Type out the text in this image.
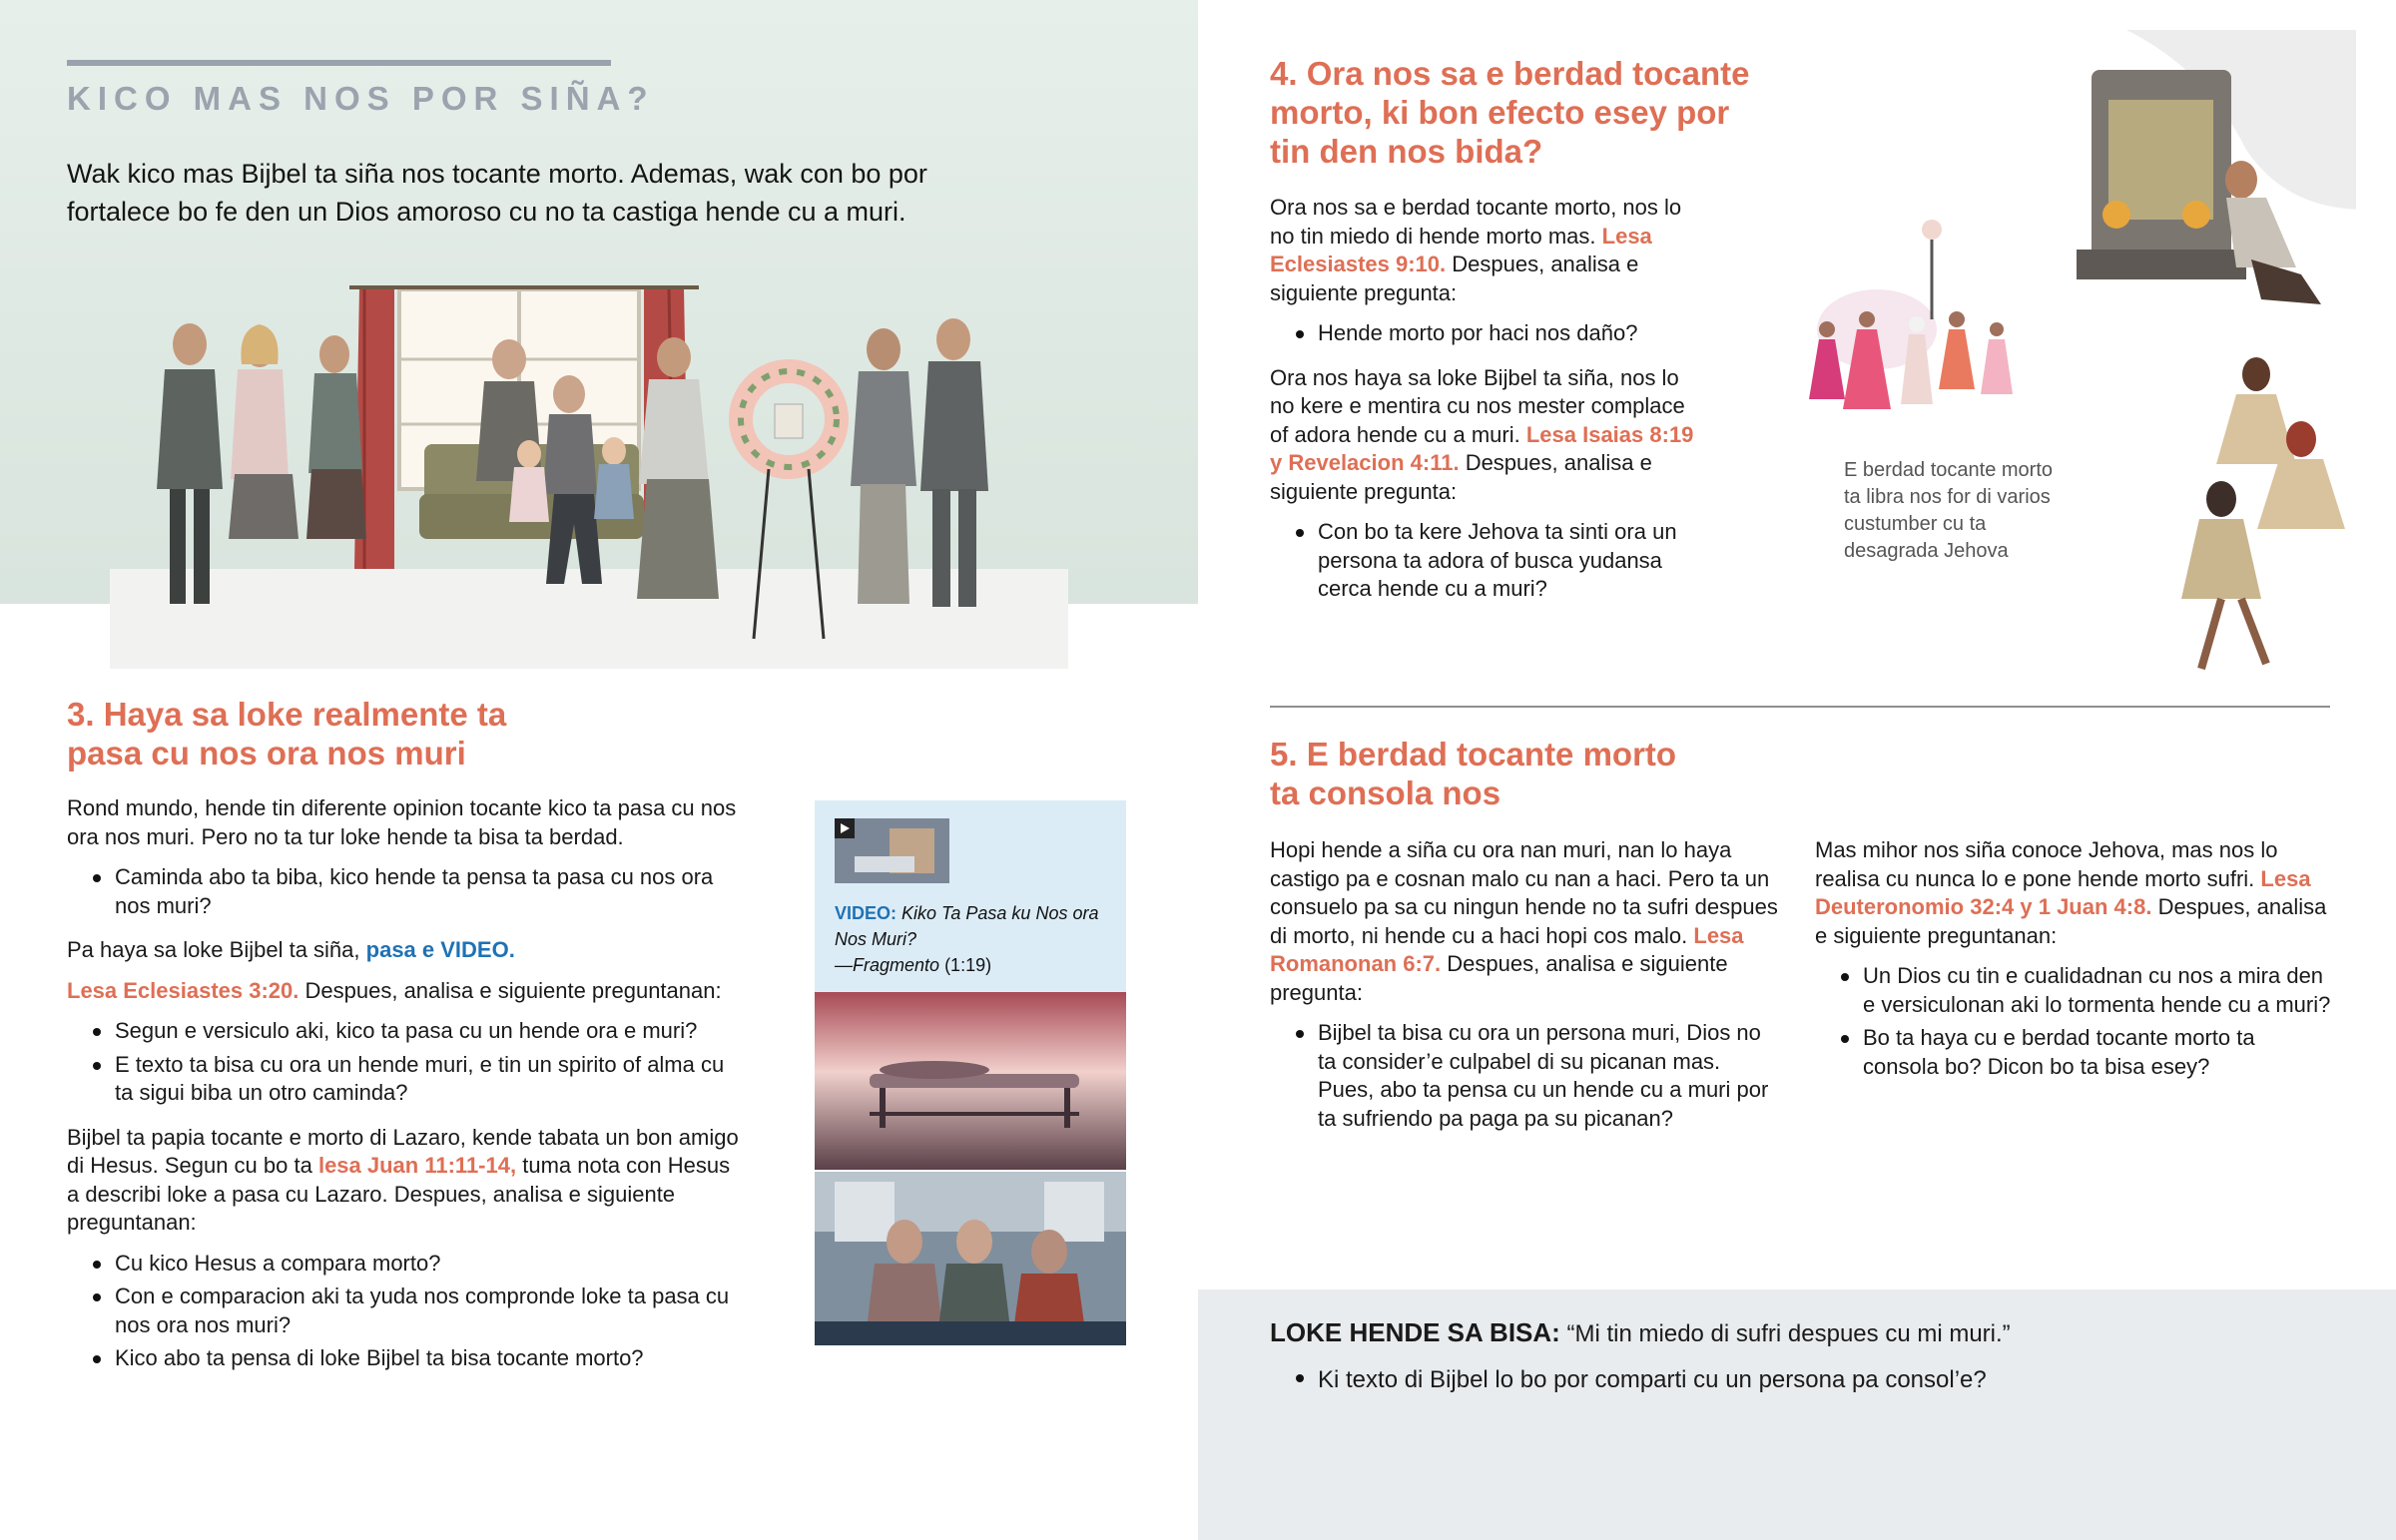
KICO MAS NOS POR SIÑA?
Wak kico mas Bijbel ta siña nos tocante morto. Ademas, wak con bo por fortalece bo fe den un Dios amoroso cu no ta castiga hende cu a muri.
3. Haya sa loke realmente ta
pasa cu nos ora nos muri

Rond mundo, hende tin diferente opinion tocante kico ta pasa cu nos ora nos muri. Pero no ta tur loke hende ta bisa ta berdad.

Caminda abo ta biba, kico hende ta pensa ta pasa cu nos ora nos muri?

Pa haya sa loke Bijbel ta siña, pasa e VIDEO.

Lesa Eclesiastes 3:20. Despues, analisa e siguiente preguntanan:

Segun e versiculo aki, kico ta pasa cu un hende ora e muri?
E texto ta bisa cu ora un hende muri, e tin un spirito of alma cu ta sigui biba un otro caminda?

Bijbel ta papia tocante e morto di Lazaro, kende tabata un bon amigo di Hesus. Segun cu bo ta lesa Juan 11:11-14, tuma nota con Hesus a describi loke a pasa cu Lazaro. Despues, analisa e siguiente preguntanan:

Cu kico Hesus a compara morto?
Con e comparacion aki ta yuda nos compronde loke ta pasa cu nos ora nos muri?
Kico abo ta pensa di loke Bijbel ta bisa tocante morto?
VIDEO: Kiko Ta Pasa ku Nos ora Nos Muri?
—Fragmento (1:19)
4. Ora nos sa e berdad tocante
morto, ki bon efecto esey por
tin den nos bida?

Ora nos sa e berdad tocante morto, nos lo no tin miedo di hende morto mas. Lesa Eclesiastes 9:10. Despues, analisa e siguiente pregunta:

Hende morto por haci nos daño?

Ora nos haya sa loke Bijbel ta siña, nos lo no kere e mentira cu nos mester complace of adora hende cu a muri. Lesa Isaias 8:19 y Revelacion 4:11. Despues, analisa e siguiente pregunta:

Con bo ta kere Jehova ta sinti ora un persona ta adora of busca yudansa cerca hende cu a muri?
E berdad tocante morto ta libra nos for di varios custumber cu ta desagrada Jehova
5. E berdad tocante morto
ta consola nos

Hopi hende a siña cu ora nan muri, nan lo haya castigo pa e cosnan malo cu nan a haci. Pero ta un consuelo pa sa cu ningun hende no ta sufri despues di morto, ni hende cu a haci hopi cos malo. Lesa Romanonan 6:7. Despues, analisa e siguiente pregunta:

Bijbel ta bisa cu ora un persona muri, Dios no ta consider’e culpabel di su picanan mas. Pues, abo ta pensa cu un hende cu a muri por ta sufriendo pa paga pa su picanan?

Mas mihor nos siña conoce Jehova, mas nos lo realisa cu nunca lo e pone hende morto sufri. Lesa Deuteronomio 32:4 y 1 Juan 4:8. Despues, analisa e siguiente preguntanan:

Un Dios cu tin e cualidadnan cu nos a mira den e versiculonan aki lo tormenta hende cu a muri?
Bo ta haya cu e berdad tocante morto ta consola bo? Dicon bo ta bisa esey?

LOKE HENDE SA BISA: “Mi tin miedo di sufri despues cu mi muri.”

Ki texto di Bijbel lo bo por comparti cu un persona pa consol’e?
